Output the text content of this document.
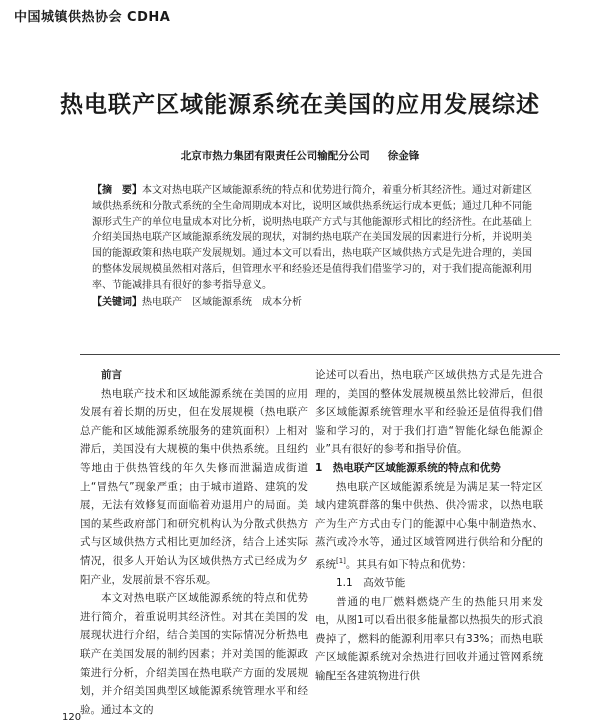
中国城镇供热协会 CDHA
热电联产区域能源系统在美国的应用发展综述
北京市热力集团有限责任公司输配分公司 徐金锋
【摘　要】本文对热电联产区域能源系统的特点和优势进行简介，着重分析其经济性。通过对新建区域供热系统和分散式系统的全生命周期成本对比，说明区域供热系统运行成本更低；通过几种不同能源形式生产的单位电量成本对比分析，说明热电联产方式与其他能源形式相比的经济性。在此基础上介绍美国热电联产区域能源系统发展的现状，对制约热电联产在美国发展的因素进行分析，并说明美国的能源政策和热电联产发展规划。通过本文可以看出，热电联产区域供热方式是先进合理的，美国的整体发展规模虽然相对落后，但管理水平和经验还是值得我们借鉴学习的，对于我们提高能源利用率、节能减排具有很好的参考指导意义。
【关键词】热电联产　区域能源系统　成本分析
前言

热电联产技术和区域能源系统在美国的应用发展有着长期的历史，但在发展规模（热电联产总产能和区域能源系统服务的建筑面积）上相对滞后，美国没有大规模的集中供热系统。且纽约等地由于供热管线的年久失修而泄漏造成街道上“冒热气”现象严重；由于城市道路、建筑的发展，无法有效修复而面临着劝退用户的局面。美国的某些政府部门和研究机构认为分散式供热方式与区域供热方式相比更加经济，结合上述实际情况，很多人开始认为区域供热方式已经成为夕阳产业，发展前景不容乐观。

本文对热电联产区域能源系统的特点和优势进行简介，着重说明其经济性。对其在美国的发展现状进行介绍，结合美国的实际情况分析热电联产在美国发展的制约因素；并对美国的能源政策进行分析，介绍美国在热电联产方面的发展规划，并介绍美国典型区域能源系统管理水平和经验。通过本文的

论述可以看出，热电联产区域供热方式是先进合理的，美国的整体发展规模虽然比较滞后，但很多区域能源系统管理水平和经验还是值得我们借鉴和学习的，对于我们打造“智能化绿色能源企业”具有很好的参考和指导价值。

1　热电联产区域能源系统的特点和优势

热电联产区域能源系统是为满足某一特定区域内建筑群落的集中供热、供冷需求，以热电联产为生产方式由专门的能源中心集中制造热水、蒸汽或冷水等，通过区域管网进行供给和分配的系统[1]。其具有如下特点和优势：

1.1　高效节能

普通的电厂燃料燃烧产生的热能只用来发电，从图1可以看出很多能量都以热损失的形式浪费掉了，燃料的能源利用率只有33%；而热电联产区域能源系统对余热进行回收并通过管网系统输配至各建筑物进行供

120
